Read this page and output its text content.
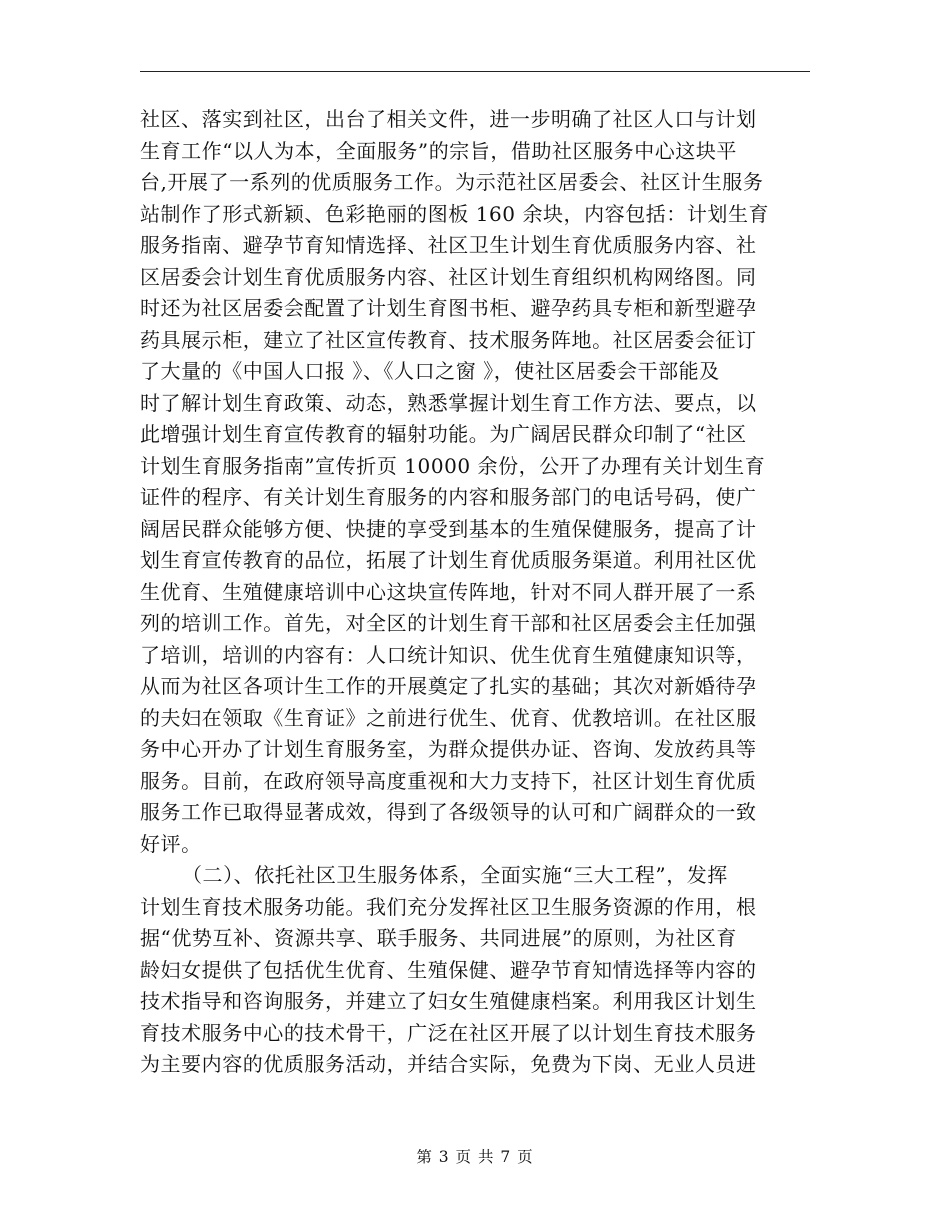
社区、落实到社区，出台了相关文件，进一步明确了社区人口与计划
生育工作“以人为本，全面服务”的宗旨，借助社区服务中心这块平
台,开展了一系列的优质服务工作。为示范社区居委会、社区计生服务
站制作了形式新颖、色彩艳丽的图板 160 余块，内容包括：计划生育
服务指南、避孕节育知情选择、社区卫生计划生育优质服务内容、社
区居委会计划生育优质服务内容、社区计划生育组织机构网络图。同
时还为社区居委会配置了计划生育图书柜、避孕药具专柜和新型避孕
药具展示柜，建立了社区宣传教育、技术服务阵地。社区居委会征订
了大量的《中国人口报 》、《人口之窗 》，使社区居委会干部能及
时了解计划生育政策、动态，熟悉掌握计划生育工作方法、要点，以
此增强计划生育宣传教育的辐射功能。为广阔居民群众印制了“社区
计划生育服务指南”宣传折页 10000 余份，公开了办理有关计划生育
证件的程序、有关计划生育服务的内容和服务部门的电话号码，使广
阔居民群众能够方便、快捷的享受到基本的生殖保健服务，提高了计
划生育宣传教育的品位，拓展了计划生育优质服务渠道。利用社区优
生优育、生殖健康培训中心这块宣传阵地，针对不同人群开展了一系
列的培训工作。首先，对全区的计划生育干部和社区居委会主任加强
了培训，培训的内容有：人口统计知识、优生优育生殖健康知识等，
从而为社区各项计生工作的开展奠定了扎实的基础；其次对新婚待孕
的夫妇在领取《生育证》之前进行优生、优育、优教培训。在社区服
务中心开办了计划生育服务室，为群众提供办证、咨询、发放药具等
服务。目前，在政府领导高度重视和大力支持下，社区计划生育优质
服务工作已取得显著成效，得到了各级领导的认可和广阔群众的一致
好评。
（二）、依托社区卫生服务体系，全面实施“三大工程”，发挥
计划生育技术服务功能。我们充分发挥社区卫生服务资源的作用，根
据“优势互补、资源共享、联手服务、共同进展”的原则，为社区育
龄妇女提供了包括优生优育、生殖保健、避孕节育知情选择等内容的
技术指导和咨询服务，并建立了妇女生殖健康档案。利用我区计划生
育技术服务中心的技术骨干，广泛在社区开展了以计划生育技术服务
为主要内容的优质服务活动，并结合实际，免费为下岗、无业人员进
第 3 页 共 7 页
